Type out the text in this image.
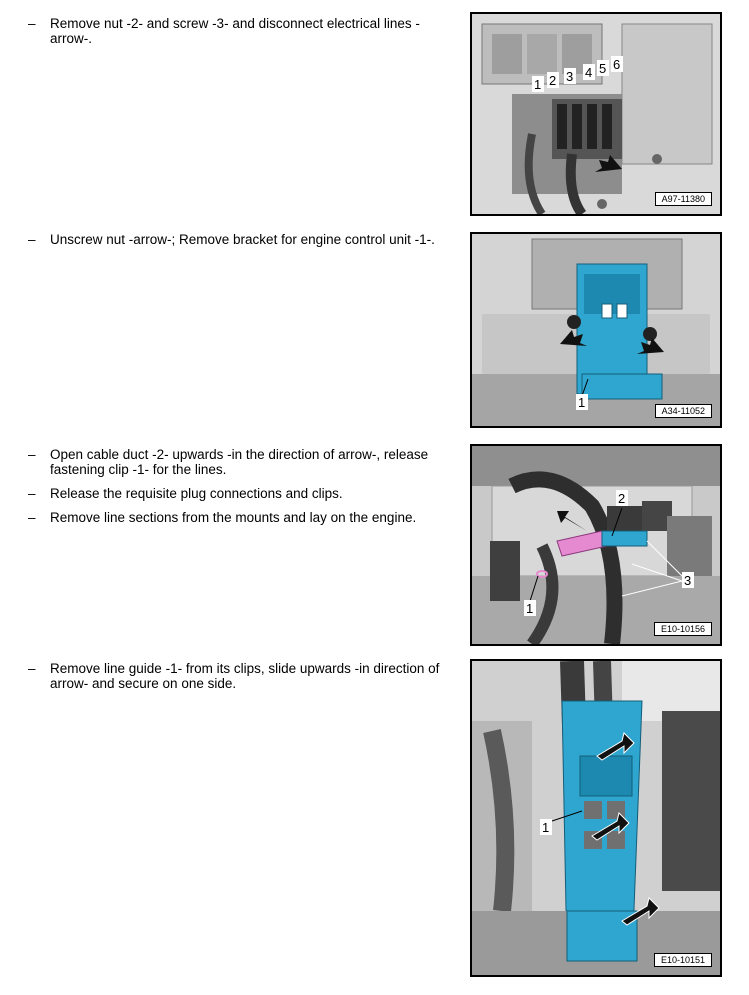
– Remove nut -2- and screw -3- and disconnect electrical lines -arrow-.
– Unscrew nut -arrow-; Remove bracket for engine control unit -1-.
– Open cable duct -2- upwards -in the direction of arrow-, release fastening clip -1- for the lines.
– Release the requisite plug connections and clips.
– Remove line sections from the mounts and lay on the engine.
– Remove line guide -1- from its clips, slide upwards -in direction of arrow- and secure on one side.
1 2 3 4 5 6
A97-11380
1
A34-11052
2
3
1
E10-10156
1
E10-10151
